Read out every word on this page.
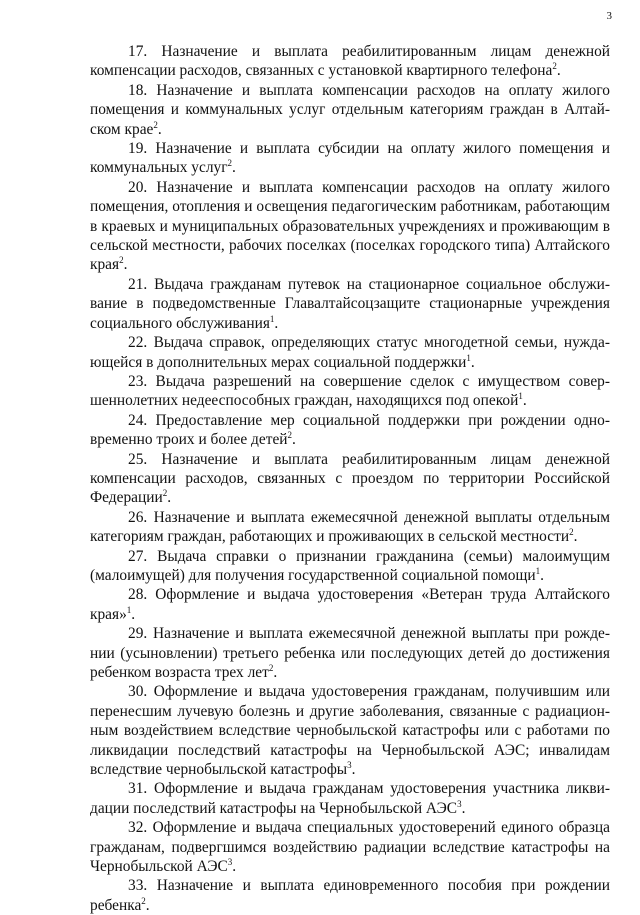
3

17. Назначение и выплата реабилитированным лицам денежной компенсации расходов, связанных с установкой квартирного телефона$^2$.

18. Назначение и выплата компенсации расходов на оплату жилого помещения и коммунальных услуг отдельным категориям граждан в Алтайском крае$^2$.

19. Назначение и выплата субсидии на оплату жилого помещения и коммунальных услуг$^2$.

20. Назначение и выплата компенсации расходов на оплату жилого помещения, отопления и освещения педагогическим работникам, работающим в краевых и муниципальных образовательных учреждениях и проживающим в сельской местности, рабочих поселках (поселках городского типа) Алтайского края$^2$.

21. Выдача гражданам путевок на стационарное социальное обслуживание в подведомственные Главалтайсоцзащите стационарные учреждения социального обслуживания$^1$.

22. Выдача справок, определяющих статус многодетной семьи, нуждающейся в дополнительных мерах социальной поддержки$^1$.

23. Выдача разрешений на совершение сделок с имуществом совершеннолетних недееспособных граждан, находящихся под опекой$^1$.

24. Предоставление мер социальной поддержки при рождении одновременно троих и более детей$^2$.

25. Назначение и выплата реабилитированным лицам денежной компенсации расходов, связанных с проездом по территории Российской Федерации$^2$.

26. Назначение и выплата ежемесячной денежной выплаты отдельным категориям граждан, работающих и проживающих в сельской местности$^2$.

27. Выдача справки о признании гражданина (семьи) малоимущим (малоимущей) для получения государственной социальной помощи$^1$.

28. Оформление и выдача удостоверения «Ветеран труда Алтайского края»$^1$.

29. Назначение и выплата ежемесячной денежной выплаты при рождении (усыновлении) третьего ребенка или последующих детей до достижения ребенком возраста трех лет$^2$.

30. Оформление и выдача удостоверения гражданам, получившим или перенесшим лучевую болезнь и другие заболевания, связанные с радиационным воздействием вследствие чернобыльской катастрофы или с работами по ликвидации последствий катастрофы на Чернобыльской АЭС; инвалидам вследствие чернобыльской катастрофы$^3$.

31. Оформление и выдача гражданам удостоверения участника ликвидации последствий катастрофы на Чернобыльской АЭС$^3$.

32. Оформление и выдача специальных удостоверений единого образца гражданам, подвергшимся воздействию радиации вследствие катастрофы на Чернобыльской АЭС$^3$.

33. Назначение и выплата единовременного пособия при рождении ребенка$^2$.
